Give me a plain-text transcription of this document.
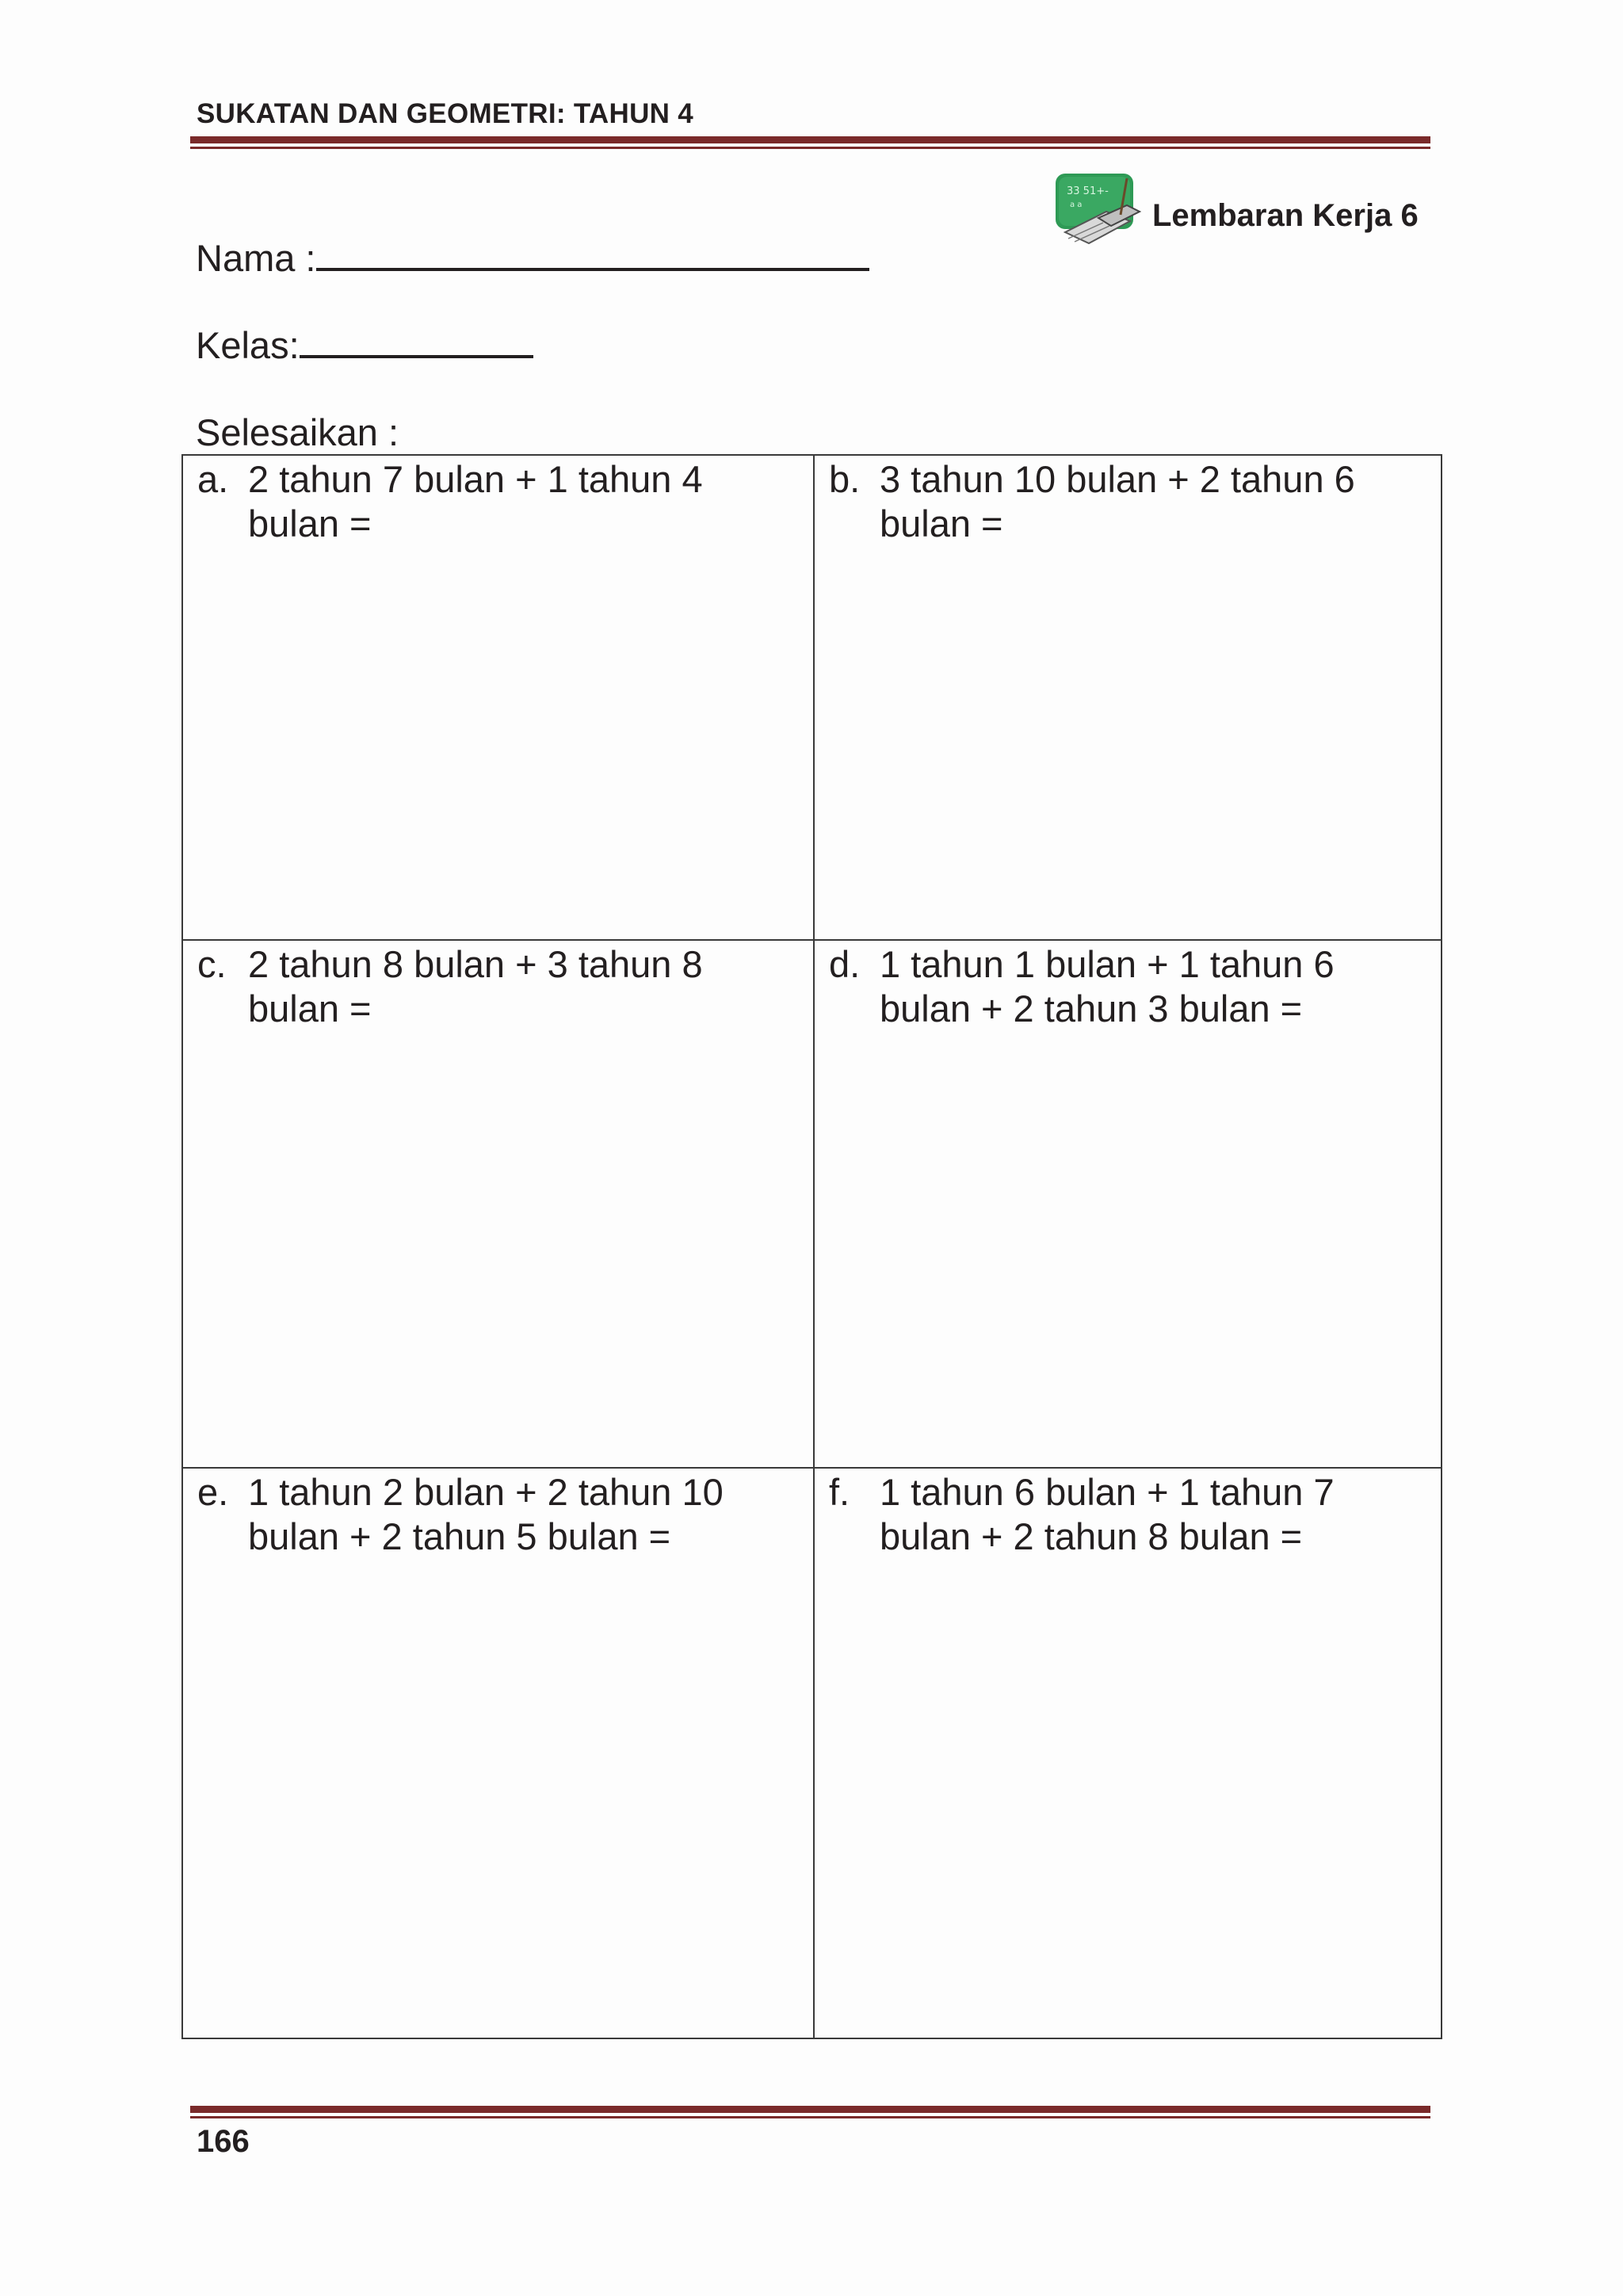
SUKATAN DAN GEOMETRI: TAHUN 4
33 51+-
a a Lembaran Kerja 6
Nama :
Kelas:
Selesaikan :
a. 2 tahun 7 bulan + 1 tahun 4 bulan =	b. 3 tahun 10 bulan + 2 tahun 6 bulan =

c. 2 tahun 8 bulan + 3 tahun 8 bulan =	d. 1 tahun 1 bulan + 1 tahun 6 bulan + 2 tahun 3 bulan =

e. 1 tahun 2 bulan + 2 tahun 10 bulan + 2 tahun 5 bulan =	f. 1 tahun 6 bulan + 1 tahun 7 bulan + 2 tahun 8 bulan =
166
